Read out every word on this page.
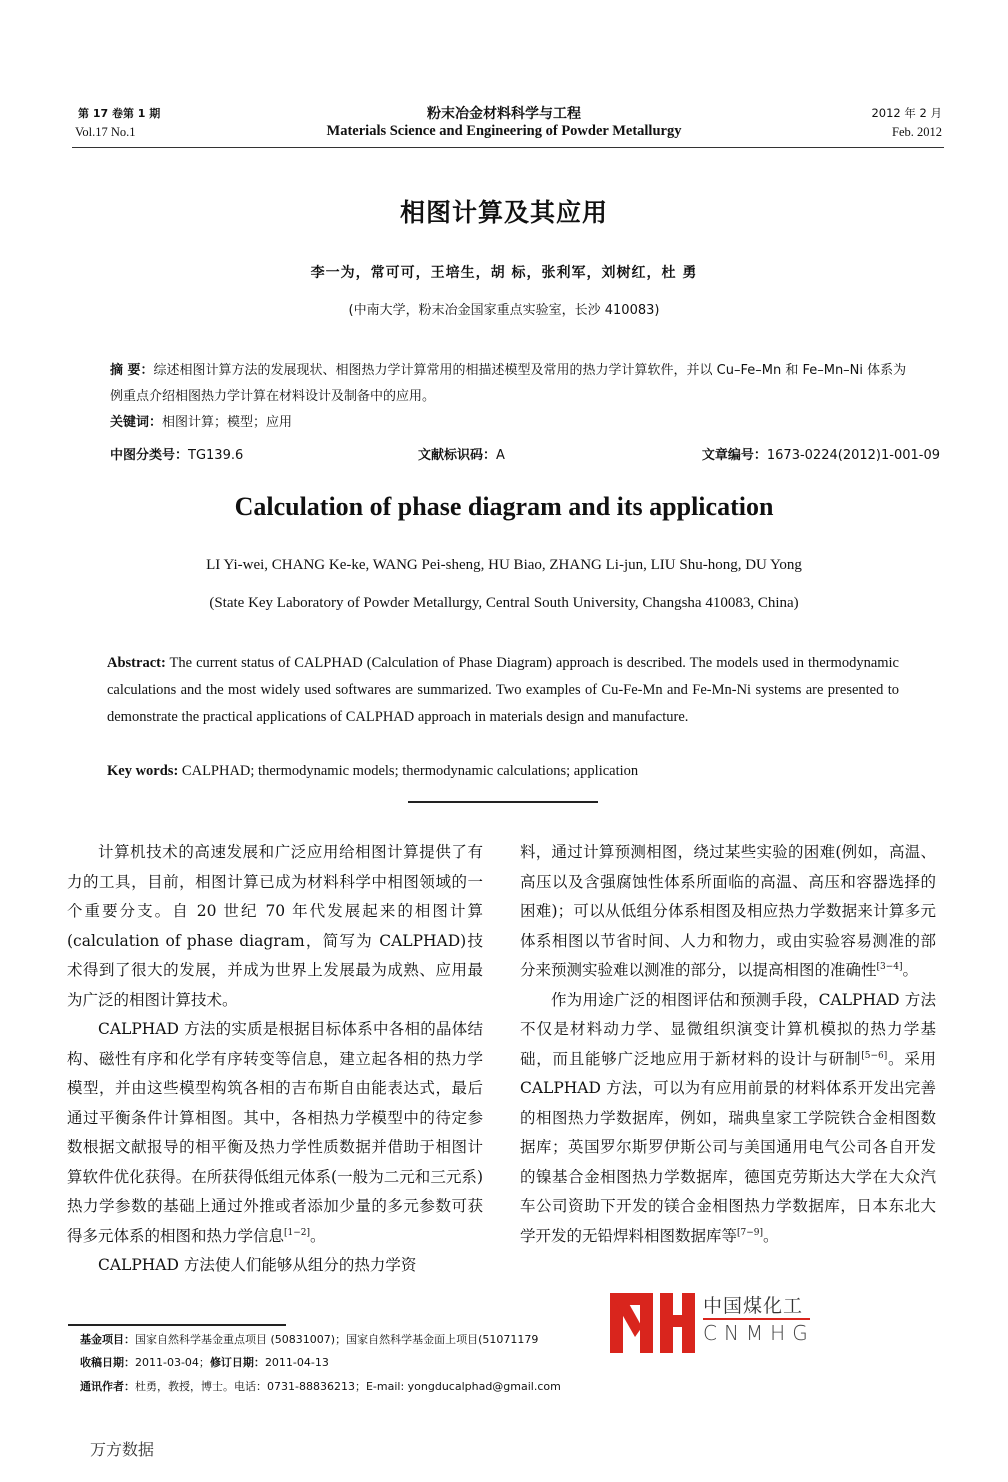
第 17 卷第 1 期
Vol.17 No.1
粉末冶金材料科学与工程
Materials Science and Engineering of Powder Metallurgy
2012 年 2 月
Feb. 2012
相图计算及其应用
李一为，常可可，王培生，胡 标，张利军，刘树红，杜 勇
(中南大学，粉末冶金国家重点实验室，长沙 410083)
摘 要：综述相图计算方法的发展现状、相图热力学计算常用的相描述模型及常用的热力学计算软件，并以 Cu–Fe–Mn 和 Fe–Mn–Ni 体系为例重点介绍相图热力学计算在材料设计及制备中的应用。
关键词：相图计算；模型；应用
中图分类号：TG139.6	文献标识码：A	文章编号：1673-0224(2012)1-001-09
Calculation of phase diagram and its application
LI Yi-wei, CHANG Ke-ke, WANG Pei-sheng, HU Biao, ZHANG Li-jun, LIU Shu-hong, DU Yong
(State Key Laboratory of Powder Metallurgy, Central South University, Changsha 410083, China)
Abstract: The current status of CALPHAD (Calculation of Phase Diagram) approach is described. The models used in thermodynamic calculations and the most widely used softwares are summarized. Two examples of Cu-Fe-Mn and Fe-Mn-Ni systems are presented to demonstrate the practical applications of CALPHAD approach in materials design and manufacture.
Key words: CALPHAD; thermodynamic models; thermodynamic calculations; application

计算机技术的高速发展和广泛应用给相图计算提供了有力的工具，目前，相图计算已成为材料科学中相图领域的一个重要分支。自 20 世纪 70 年代发展起来的相图计算(calculation of phase diagram，简写为 CALPHAD)技术得到了很大的发展，并成为世界上发展最为成熟、应用最为广泛的相图计算技术。

CALPHAD 方法的实质是根据目标体系中各相的晶体结构、磁性有序和化学有序转变等信息，建立起各相的热力学模型，并由这些模型构筑各相的吉布斯自由能表达式，最后通过平衡条件计算相图。其中，各相热力学模型中的待定参数根据文献报导的相平衡及热力学性质数据并借助于相图计算软件优化获得。在所获得低组元体系(一般为二元和三元系)热力学参数的基础上通过外推或者添加少量的多元参数可获得多元体系的相图和热力学信息[1−2]。

CALPHAD 方法使人们能够从组分的热力学资

料，通过计算预测相图，绕过某些实验的困难(例如，高温、高压以及含强腐蚀性体系所面临的高温、高压和容器选择的困难)；可以从低组分体系相图及相应热力学数据来计算多元体系相图以节省时间、人力和物力，或由实验容易测准的部分来预测实验难以测准的部分，以提高相图的准确性[3−4]。

作为用途广泛的相图评估和预测手段，CALPHAD 方法不仅是材料动力学、显微组织演变计算机模拟的热力学基础，而且能够广泛地应用于新材料的设计与研制[5−6]。采用 CALPHAD 方法，可以为有应用前景的材料体系开发出完善的相图热力学数据库，例如，瑞典皇家工学院铁合金相图数据库；英国罗尔斯罗伊斯公司与美国通用电气公司各自开发的镍基合金相图热力学数据库，德国克劳斯达大学在大众汽车公司资助下开发的镁合金相图热力学数据库，日本东北大学开发的无铅焊料相图数据库等[7−9]。

基金项目：国家自然科学基金重点项目 (50831007)；国家自然科学基金面上项目(51071179
收稿日期：2011-03-04；修订日期：2011-04-13
通讯作者：杜勇，教授，博士。电话：0731-88836213；E-mail: yongducalphad@gmail.com
中国煤化工
CNMHG
万方数据
